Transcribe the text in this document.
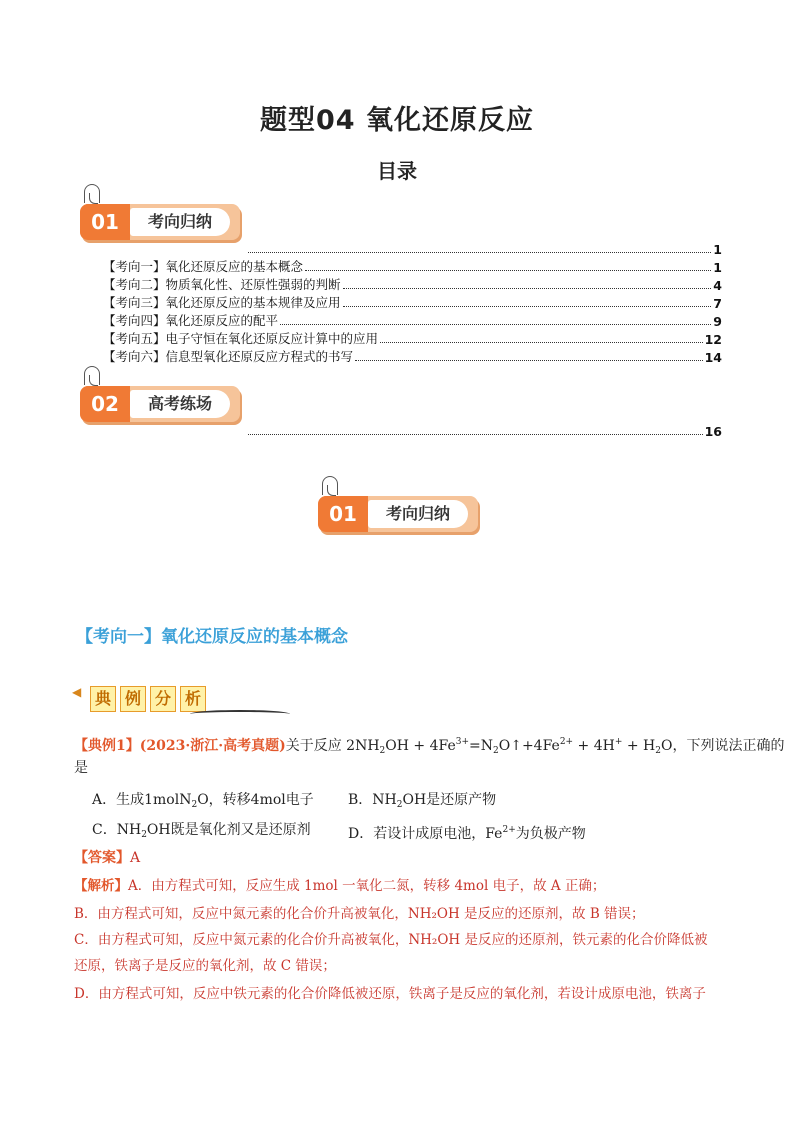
题型04 氧化还原反应
目录
01	考向归纳
1
【考向一】氧化还原反应的基本概念	1
【考向二】物质氧化性、还原性强弱的判断	4
【考向三】氧化还原反应的基本规律及应用	7
【考向四】氧化还原反应的配平	9
【考向五】电子守恒在氧化还原反应计算中的应用	12
【考向六】信息型氧化还原反应方程式的书写	14
02	高考练场
16
01	考向归纳
【考向一】氧化还原反应的基本概念
◀ 典 例 分 析
【典例1】(2023·浙江·高考真题)关于反应 $2NH_2OH$ + $4Fe^{3+}=N_2O↑+4Fe^{2+} + 4H^+ + H_2O$，下列说法正确的
是
A．生成1molN$_2$O，转移4mol电子 B．$NH_2OH$是还原产物
C．$NH_2OH$既是氧化剂又是还原剂	D．若设计成原电池，$Fe^{2+}$为负极产物
【答案】A
【解析】A．由方程式可知，反应生成 1mol 一氧化二氮，转移 4mol 电子，故 A 正确；
B．由方程式可知，反应中氮元素的化合价升高被氧化，NH₂OH 是反应的还原剂，故 B 错误；
C．由方程式可知，反应中氮元素的化合价升高被氧化，NH₂OH 是反应的还原剂，铁元素的化合价降低被
还原，铁离子是反应的氧化剂，故 C 错误；
D．由方程式可知，反应中铁元素的化合价降低被还原，铁离子是反应的氧化剂，若设计成原电池，铁离子
